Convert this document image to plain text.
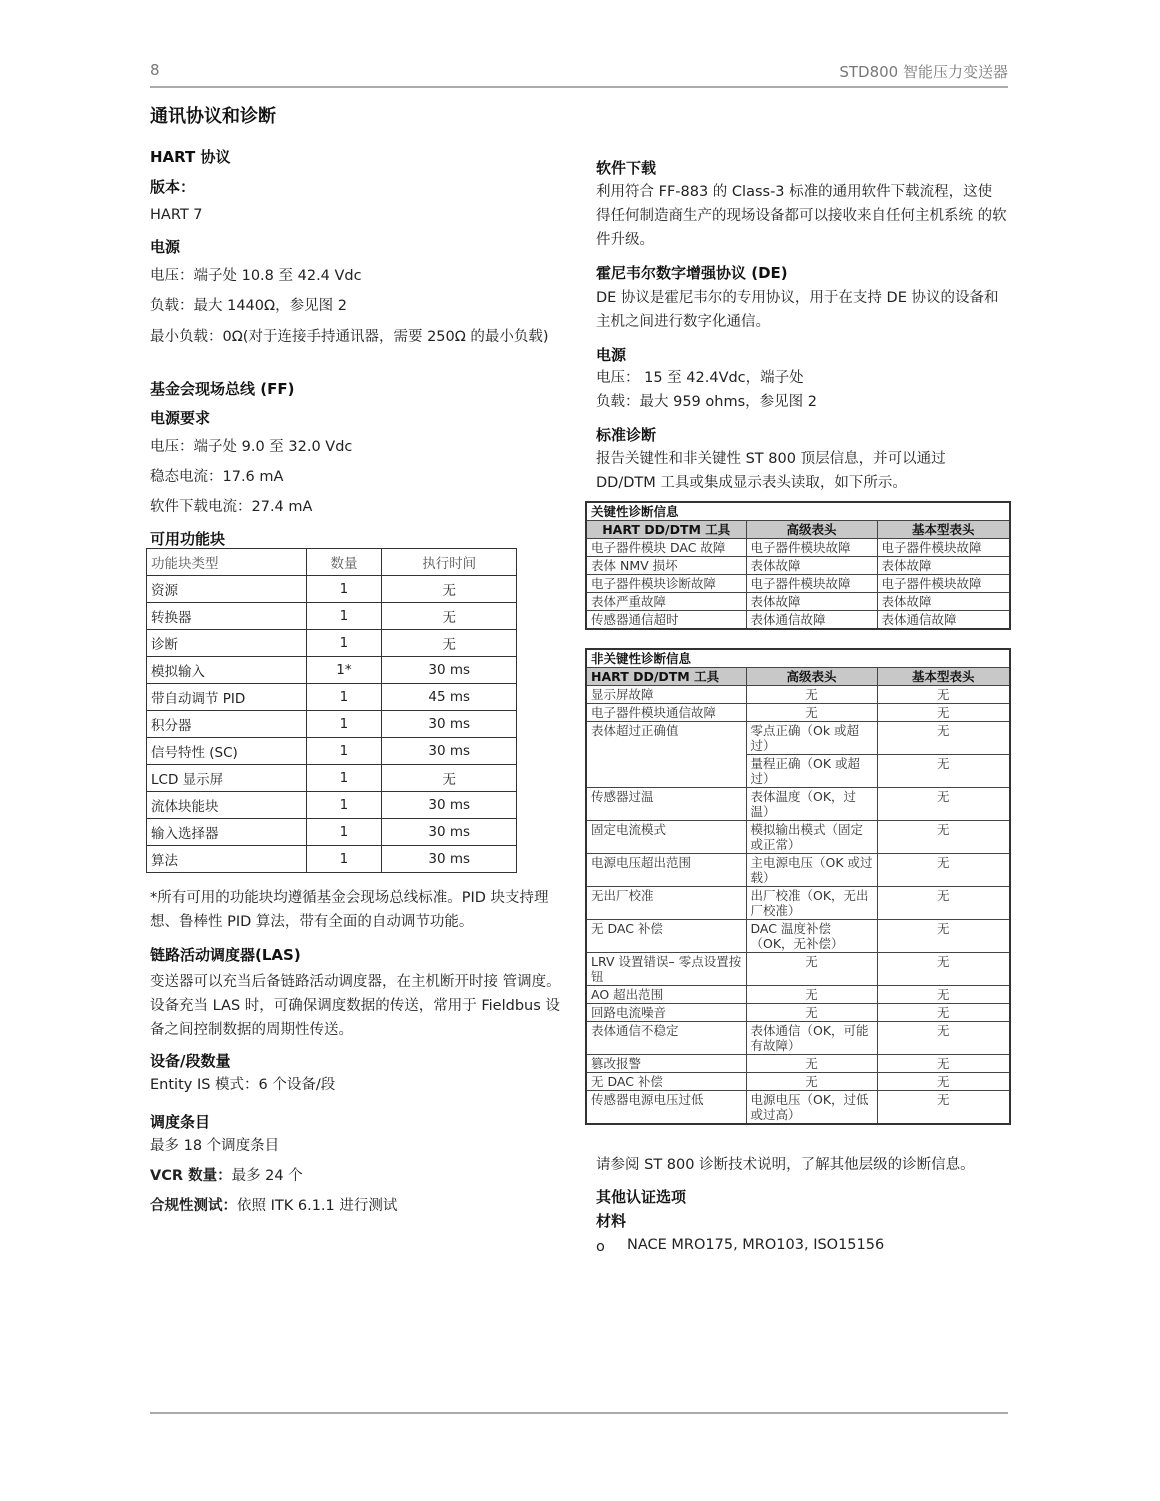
8	STD800 智能压力变送器
通讯协议和诊断
HART 协议
版本：
HART 7
电源
电压：端子处 10.8 至 42.4 Vdc
负载：最大 1440Ω，参见图 2
最小负载：0Ω(对于连接手持通讯器，需要 250Ω 的最小负载)
基金会现场总线 (FF)
电源要求
电压：端子处 9.0 至 32.0 Vdc
稳态电流：17.6 mA
软件下载电流：27.4 mA
可用功能块
功能块类型	数量	执行时间
资源	1	无
转换器	1	无
诊断	1	无
模拟输入	1*	30 ms
带自动调节 PID	1	45 ms
积分器	1	30 ms
信号特性 (SC)	1	30 ms
LCD 显示屏	1	无
流体块能块	1	30 ms
输入选择器	1	30 ms
算法	1	30 ms
*所有可用的功能块均遵循基金会现场总线标准。PID 块支持理想、鲁棒性 PID 算法，带有全面的自动调节功能。
链路活动调度器(LAS)
变送器可以充当后备链路活动调度器，在主机断开时接 管调度。设备充当 LAS 时，可确保调度数据的传送，常用于 Fieldbus 设备之间控制数据的周期性传送。
设备/段数量
Entity IS 模式：6 个设备/段
调度条目
最多 18 个调度条目
VCR 数量：最多 24 个
合规性测试：依照 ITK 6.1.1 进行测试
软件下载
利用符合 FF-883 的 Class-3 标准的通用软件下载流程，这使 得任何制造商生产的现场设备都可以接收来自任何主机系统 的软件升级。
霍尼韦尔数字增强协议 (DE)
DE 协议是霍尼韦尔的专用协议，用于在支持 DE 协议的设备和主机之间进行数字化通信。
电源
电压： 15 至 42.4Vdc，端子处
负载：最大 959 ohms，参见图 2
标准诊断
报告关键性和非关键性 ST 800 顶层信息，并可以通过 DD/DTM 工具或集成显示表头读取，如下所示。
关键性诊断信息		
HART DD/DTM 工具	高级表头	基本型表头
电子器件模块 DAC 故障	电子器件模块故障	电子器件模块故障
表体 NMV 损坏	表体故障	表体故障
电子器件模块诊断故障	电子器件模块故障	电子器件模块故障
表体严重故障	表体故障	表体故障
传感器通信超时	表体通信故障	表体通信故障
非关键性诊断信息		
HART DD/DTM 工具	高级表头	基本型表头
显示屏故障	无	无
电子器件模块通信故障	无	无
表体超过正确值	零点正确（Ok 或超过）	无
	量程正确（OK 或超过）	无
传感器过温	表体温度（OK，过温）	无
固定电流模式	模拟输出模式（固定或正常）	无
电源电压超出范围	主电源电压（OK 或过载）	无
无出厂校准	出厂校准（OK，无出厂校准）	无
无 DAC 补偿	DAC 温度补偿（OK，无补偿）	无
LRV 设置错误– 零点设置按钮	无	无
AO 超出范围	无	无
回路电流噪音	无	无
表体通信不稳定	表体通信（OK，可能有故障）	无
篡改报警	无	无
无 DAC 补偿	无	无
传感器电源电压过低	电源电压（OK，过低或过高）	无
请参阅 ST 800 诊断技术说明，了解其他层级的诊断信息。
其他认证选项
材料
o NACE MRO175, MRO103, ISO15156
